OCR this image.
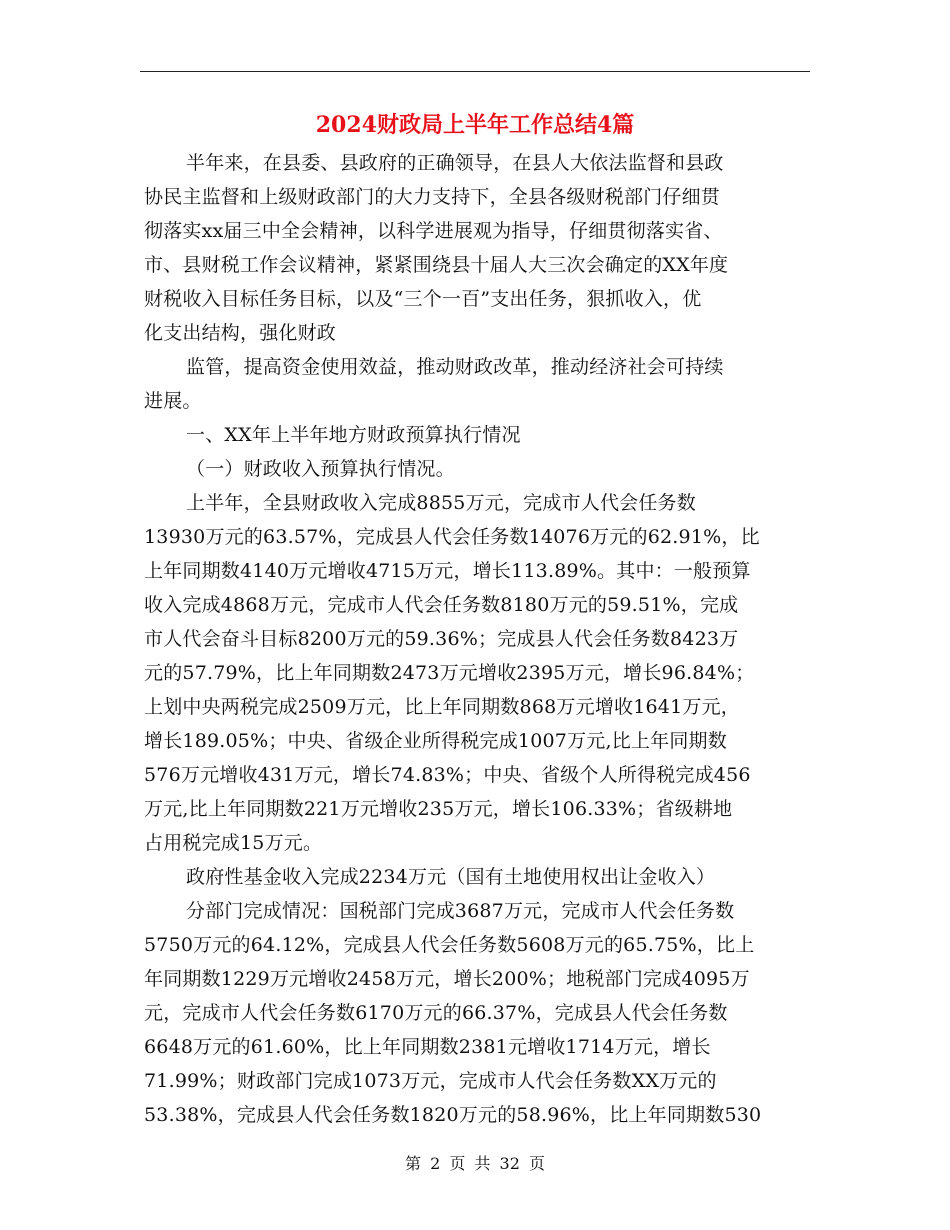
2024财政局上半年工作总结4篇
半年来，在县委、县政府的正确领导，在县人大依法监督和县政
协民主监督和上级财政部门的大力支持下，全县各级财税部门仔细贯
彻落实xx届三中全会精神，以科学进展观为指导，仔细贯彻落实省、
市、县财税工作会议精神，紧紧围绕县十届人大三次会确定的XX年度
财税收入目标任务目标，以及“三个一百”支出任务，狠抓收入，优
化支出结构，强化财政
监管，提高资金使用效益，推动财政改革，推动经济社会可持续
进展。
一、XX年上半年地方财政预算执行情况
（一）财政收入预算执行情况。
上半年，全县财政收入完成8855万元，完成市人代会任务数
13930万元的63.57%，完成县人代会任务数14076万元的62.91%，比
上年同期数4140万元增收4715万元，增长113.89%。其中：一般预算
收入完成4868万元，完成市人代会任务数8180万元的59.51%，完成
市人代会奋斗目标8200万元的59.36%；完成县人代会任务数8423万
元的57.79%，比上年同期数2473万元增收2395万元，增长96.84%；
上划中央两税完成2509万元，比上年同期数868万元增收1641万元，
增长189.05%；中央、省级企业所得税完成1007万元,比上年同期数
576万元增收431万元，增长74.83%；中央、省级个人所得税完成456
万元,比上年同期数221万元增收235万元，增长106.33%；省级耕地
占用税完成15万元。
政府性基金收入完成2234万元（国有土地使用权出让金收入）
分部门完成情况：国税部门完成3687万元，完成市人代会任务数
5750万元的64.12%，完成县人代会任务数5608万元的65.75%，比上
年同期数1229万元增收2458万元，增长200%；地税部门完成4095万
元，完成市人代会任务数6170万元的66.37%，完成县人代会任务数
6648万元的61.60%，比上年同期数2381元增收1714万元，增长
71.99%；财政部门完成1073万元，完成市人代会任务数XX万元的
53.38%，完成县人代会任务数1820万元的58.96%，比上年同期数530
第 2 页 共 32 页
